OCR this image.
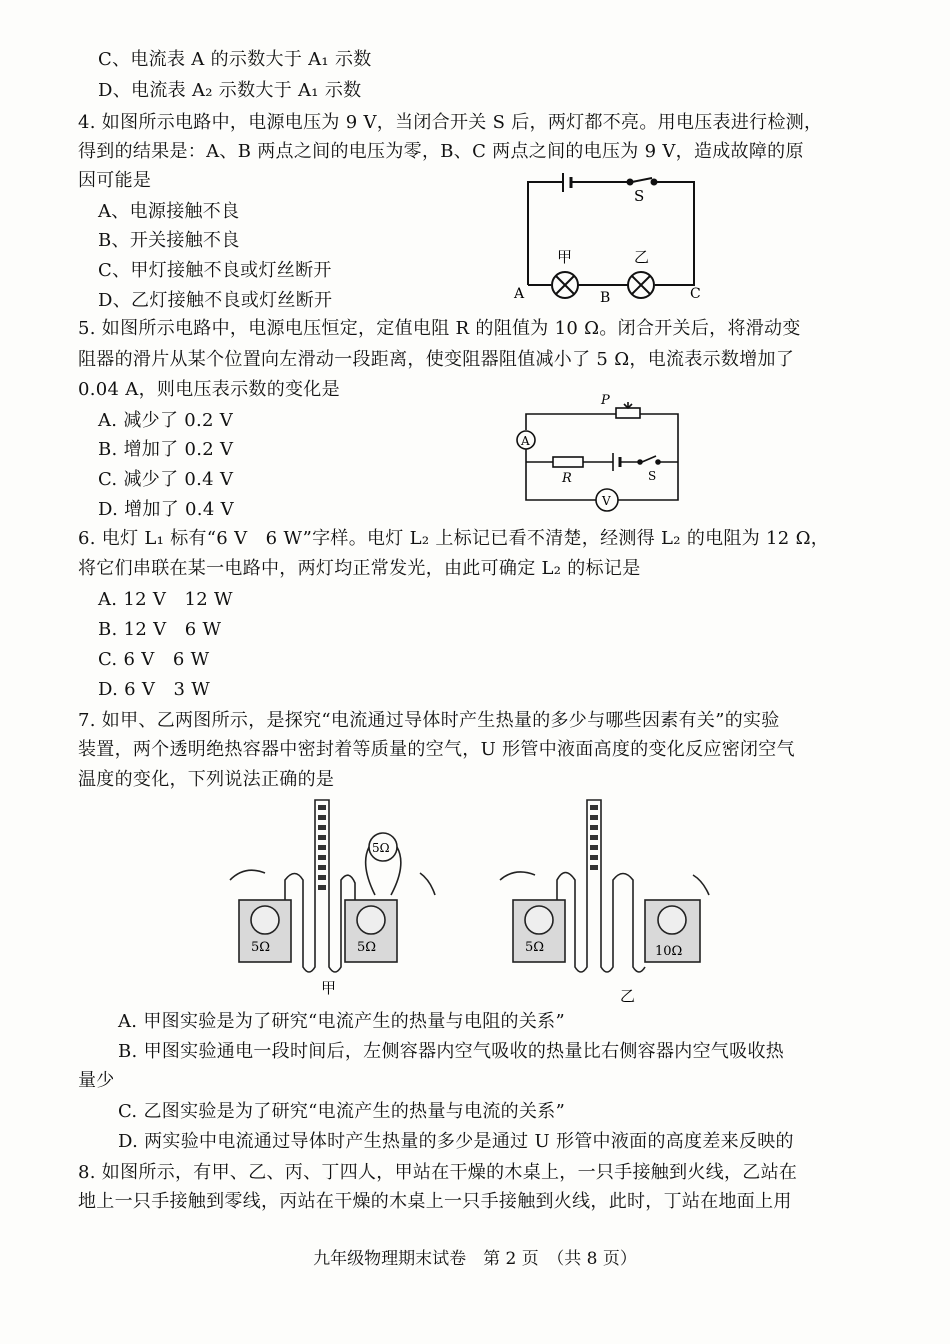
C、电流表 A 的示数大于 A₁ 示数
D、电流表 A₂ 示数大于 A₁ 示数
4. 如图所示电路中，电源电压为 9 V，当闭合开关 S 后，两灯都不亮。用电压表进行检测，
得到的结果是：A、B 两点之间的电压为零，B、C 两点之间的电压为 9 V，造成故障的原
因可能是
A、电源接触不良
B、开关接触不良
C、甲灯接触不良或灯丝断开
D、乙灯接触不良或灯丝断开
S
甲	乙
A	B	C
5. 如图所示电路中，电源电压恒定，定值电阻 R 的阻值为 10 Ω。闭合开关后，将滑动变
阻器的滑片从某个位置向左滑动一段距离，使变阻器阻值减小了 5 Ω，电流表示数增加了
0.04 A，则电压表示数的变化是
A. 减少了 0.2 V
B. 增加了 0.2 V
C. 减少了 0.4 V
D. 增加了 0.4 V
P
R
A
V
S
6. 电灯 L₁ 标有“6 V　6 W”字样。电灯 L₂ 上标记已看不清楚，经测得 L₂ 的电阻为 12 Ω，
将它们串联在某一电路中，两灯均正常发光，由此可确定 L₂ 的标记是
A. 12 V　12 W
B. 12 V　6 W
C. 6 V　6 W
D. 6 V　3 W
7. 如甲、乙两图所示，是探究“电流通过导体时产生热量的多少与哪些因素有关”的实验
装置，两个透明绝热容器中密封着等质量的空气，U 形管中液面高度的变化反应密闭空气
温度的变化，下列说法正确的是
5Ω	5Ω
5Ω
甲
5Ω	10Ω
乙
A. 甲图实验是为了研究“电流产生的热量与电阻的关系”
B. 甲图实验通电一段时间后，左侧容器内空气吸收的热量比右侧容器内空气吸收热
量少
C. 乙图实验是为了研究“电流产生的热量与电流的关系”
D. 两实验中电流通过导体时产生热量的多少是通过 U 形管中液面的高度差来反映的
8. 如图所示，有甲、乙、丙、丁四人，甲站在干燥的木桌上，一只手接触到火线，乙站在
地上一只手接触到零线，丙站在干燥的木桌上一只手接触到火线，此时，丁站在地面上用
九年级物理期末试卷　第 2 页　（共 8 页）
